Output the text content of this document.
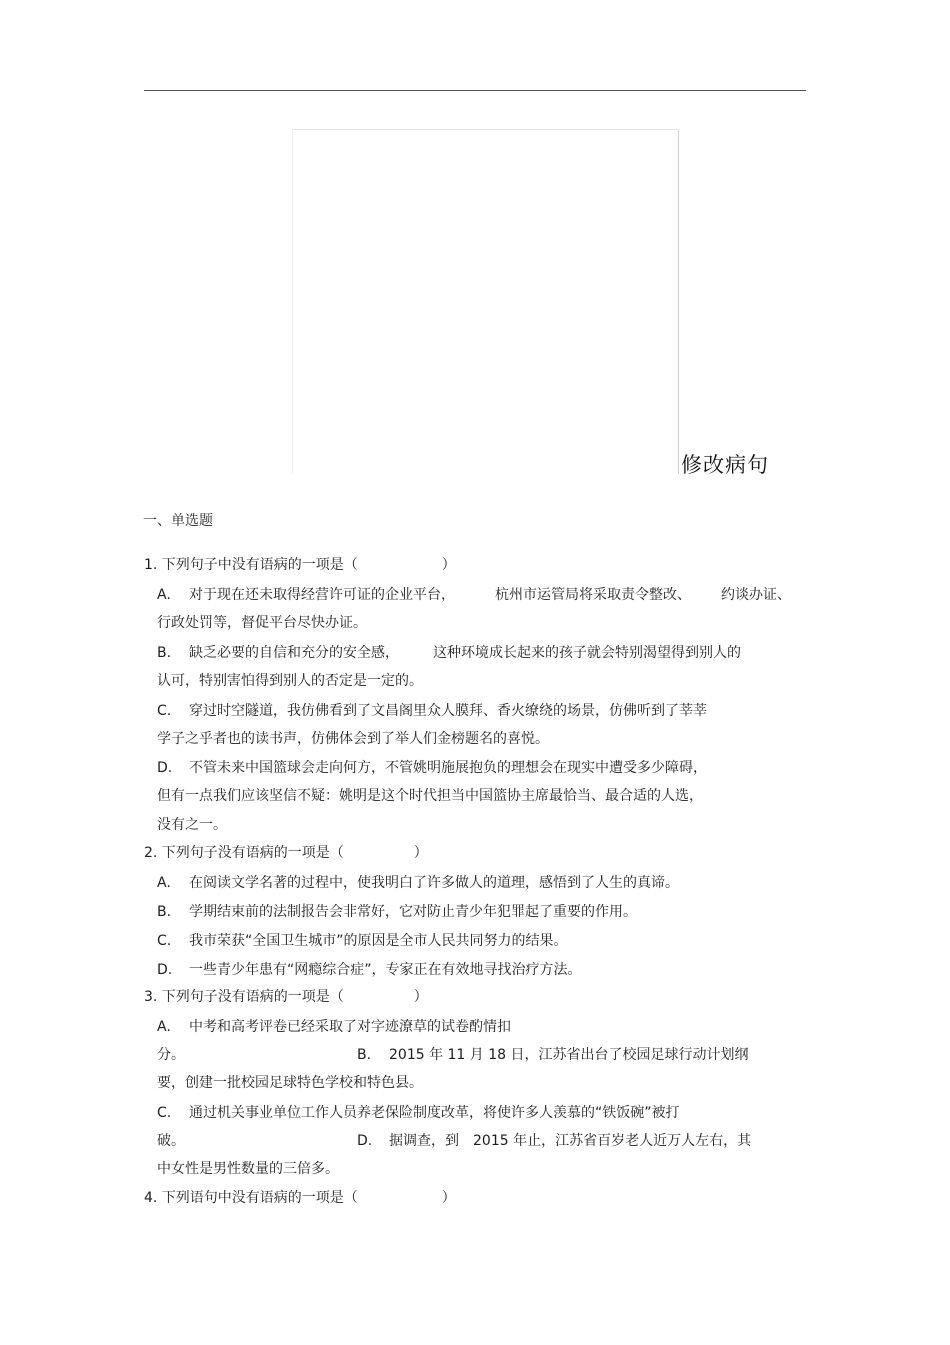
修改病句
一、单选题
1. 下列句子中没有语病的一项是（　　　　　　）
A. 对于现在还未取得经营许可证的企业平台，	杭州市运管局将采取责令整改、 约谈办证、
行政处罚等，督促平台尽快办证。
B. 缺乏必要的自信和充分的安全感， 这种环境成长起来的孩子就会特别渴望得到别人的
认可，特别害怕得到别人的否定是一定的。
C. 穿过时空隧道，我仿佛看到了文昌阁里众人膜拜、香火缭绕的场景，仿佛听到了莘莘
学子之乎者也的读书声，仿佛体会到了举人们金榜题名的喜悦。
D. 不管未来中国篮球会走向何方，不管姚明施展抱负的理想会在现实中遭受多少障碍，
但有一点我们应该坚信不疑：姚明是这个时代担当中国篮协主席最恰当、最合适的人选，
没有之一。
2. 下列句子没有语病的一项是（　　　　　）
A. 在阅读文学名著的过程中，使我明白了许多做人的道理，感悟到了人生的真谛。
B. 学期结束前的法制报告会非常好，它对防止青少年犯罪起了重要的作用。
C. 我市荣获“全国卫生城市”的原因是全市人民共同努力的结果。
D. 一些青少年患有“网瘾综合症”，专家正在有效地寻找治疗方法。
3. 下列句子没有语病的一项是（　　　　　）
A. 中考和高考评卷已经采取了对字迹潦草的试卷酌情扣
分。	B. 2015 年 11 月 18 日，江苏省出台了校园足球行动计划纲
要，创建一批校园足球特色学校和特色县。
C. 通过机关事业单位工作人员养老保险制度改革，将使许多人羡慕的“铁饭碗”被打
破。	D. 据调查，到　2015 年止，江苏省百岁老人近万人左右，其
中女性是男性数量的三倍多。
4. 下列语句中没有语病的一项是（　　　　　　）
